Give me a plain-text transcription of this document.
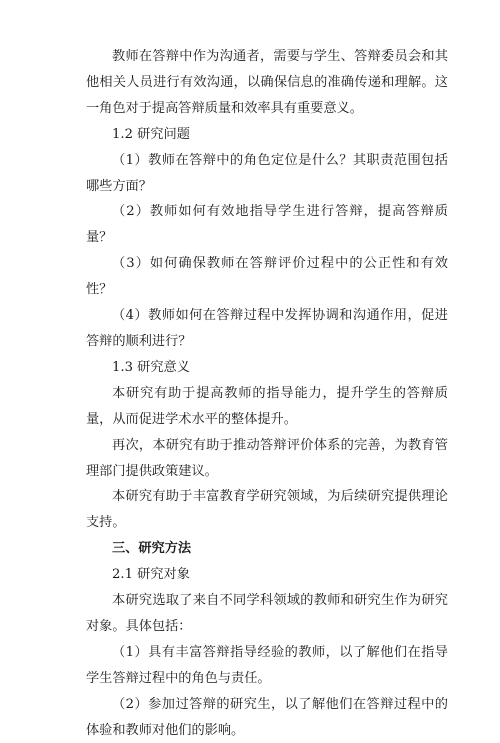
教师在答辩中作为沟通者，需要与学生、答辩委员会和其他相关人员进行有效沟通，以确保信息的准确传递和理解。这一角色对于提高答辩质量和效率具有重要意义。

1.2 研究问题

（1）教师在答辩中的角色定位是什么？其职责范围包括哪些方面？

（2）教师如何有效地指导学生进行答辩，提高答辩质量？

（3）如何确保教师在答辩评价过程中的公正性和有效性？

（4）教师如何在答辩过程中发挥协调和沟通作用，促进答辩的顺利进行？

1.3 研究意义

本研究有助于提高教师的指导能力，提升学生的答辩质量，从而促进学术水平的整体提升。

再次，本研究有助于推动答辩评价体系的完善，为教育管理部门提供政策建议。

本研究有助于丰富教育学研究领域，为后续研究提供理论支持。

三、研究方法

2.1 研究对象

本研究选取了来自不同学科领域的教师和研究生作为研究对象。具体包括：

（1）具有丰富答辩指导经验的教师，以了解他们在指导学生答辩过程中的角色与责任。

（2）参加过答辩的研究生，以了解他们在答辩过程中的体验和教师对他们的影响。
